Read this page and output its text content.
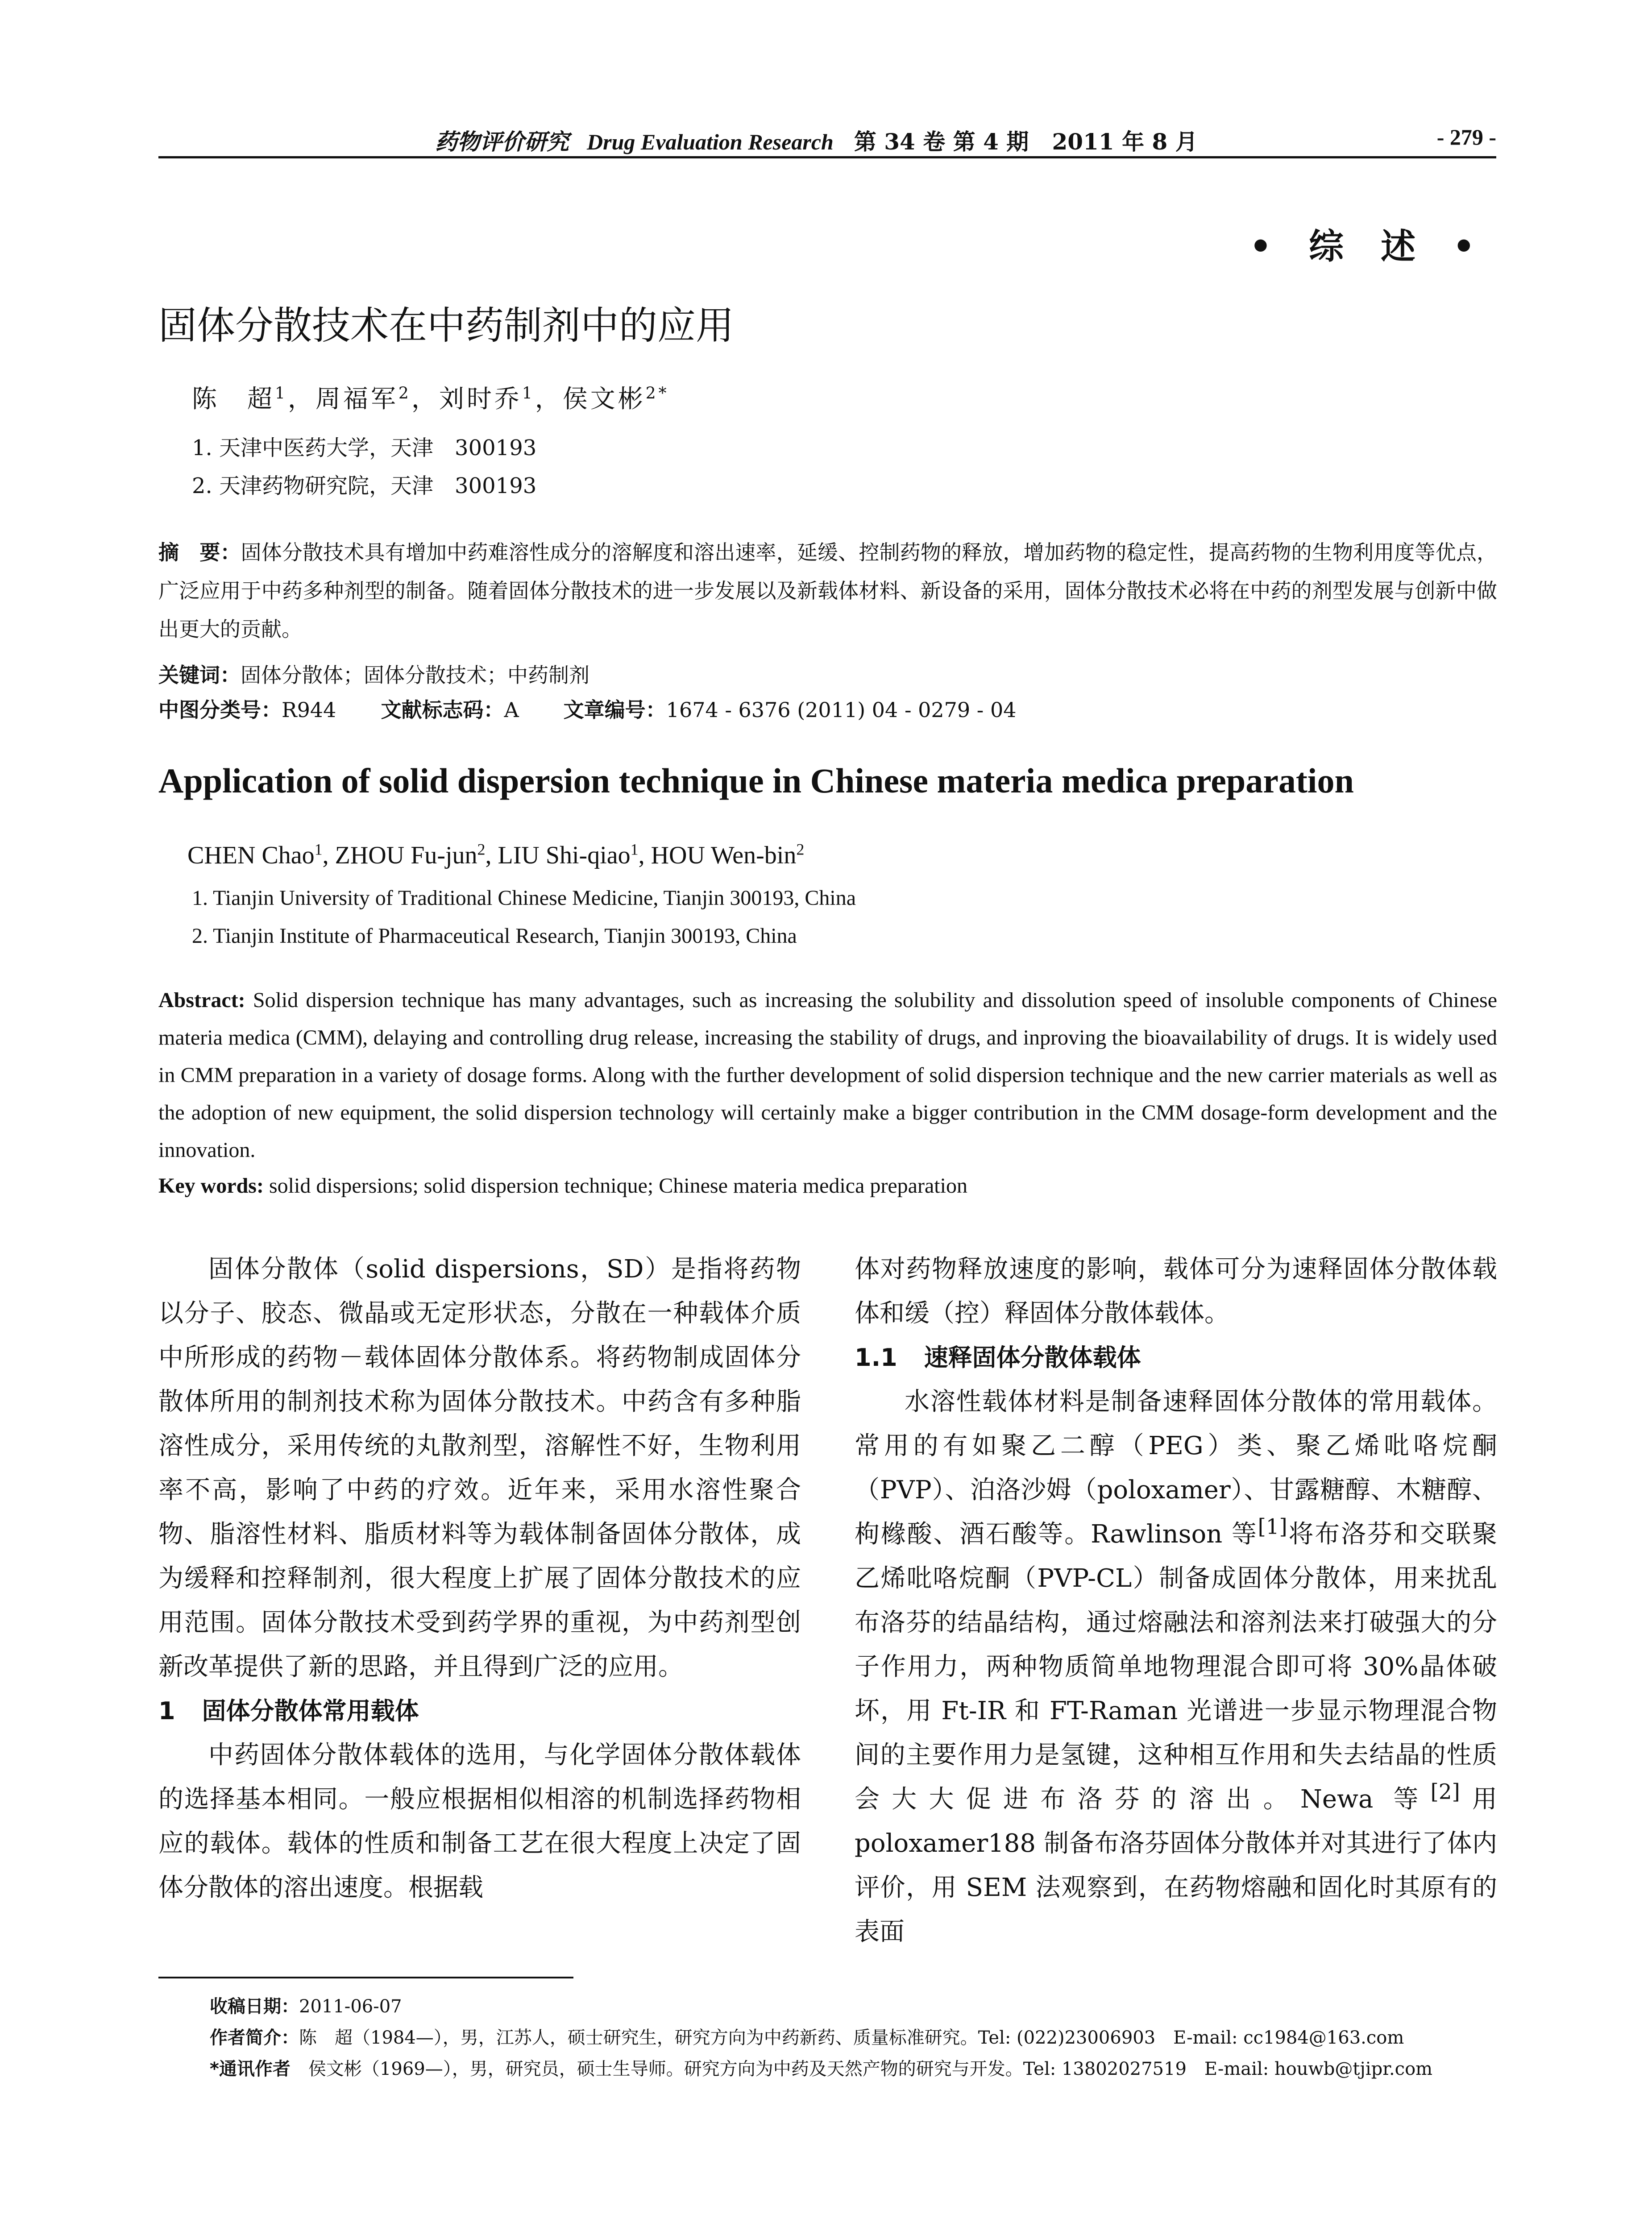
药物评价研究 Drug Evaluation Research 第 34 卷 第 4 期 2011 年 8 月	- 279 -
• 综 述 •
固体分散技术在中药制剂中的应用
陈　超$^1$，周福军$^2$，刘时乔$^1$，侯文彬$^{2*}$
1. 天津中医药大学，天津　300193
2. 天津药物研究院，天津　300193
摘　要：固体分散技术具有增加中药难溶性成分的溶解度和溶出速率，延缓、控制药物的释放，增加药物的稳定性，提高药物的生物利用度等优点，广泛应用于中药多种剂型的制备。随着固体分散技术的进一步发展以及新载体材料、新设备的采用，固体分散技术必将在中药的剂型发展与创新中做出更大的贡献。
关键词：固体分散体；固体分散技术；中药制剂
中图分类号：R944 文献标志码：A 文章编号：1674 - 6376 (2011) 04 - 0279 - 04
Application of solid dispersion technique in Chinese materia medica preparation
CHEN Chao$^1$, ZHOU Fu-jun$^2$, LIU Shi-qiao$^1$, HOU Wen-bin$^2$
1. Tianjin University of Traditional Chinese Medicine, Tianjin 300193, China
2. Tianjin Institute of Pharmaceutical Research, Tianjin 300193, China
Abstract: Solid dispersion technique has many advantages, such as increasing the solubility and dissolution speed of insoluble components of Chinese materia medica (CMM), delaying and controlling drug release, increasing the stability of drugs, and inproving the bioavailability of drugs. It is widely used in CMM preparation in a variety of dosage forms. Along with the further development of solid dispersion technique and the new carrier materials as well as the adoption of new equipment, the solid dispersion technology will certainly make a bigger contribution in the CMM dosage-form development and the innovation.
Key words: solid dispersions; solid dispersion technique; Chinese materia medica preparation

固体分散体（solid dispersions，SD）是指将药物以分子、胶态、微晶或无定形状态，分散在一种载体介质中所形成的药物－载体固体分散体系。将药物制成固体分散体所用的制剂技术称为固体分散技术。中药含有多种脂溶性成分，采用传统的丸散剂型，溶解性不好，生物利用率不高，影响了中药的疗效。近年来，采用水溶性聚合物、脂溶性材料、脂质材料等为载体制备固体分散体，成为缓释和控释制剂，很大程度上扩展了固体分散技术的应用范围。固体分散技术受到药学界的重视，为中药剂型创新改革提供了新的思路，并且得到广泛的应用。

1 固体分散体常用载体

中药固体分散体载体的选用，与化学固体分散体载体的选择基本相同。一般应根据相似相溶的机制选择药物相应的载体。载体的性质和制备工艺在很大程度上决定了固体分散体的溶出速度。根据载

体对药物释放速度的影响，载体可分为速释固体分散体载体和缓（控）释固体分散体载体。

1.1 速释固体分散体载体

水溶性载体材料是制备速释固体分散体的常用载体。常用的有如聚乙二醇（PEG）类、聚乙烯吡咯烷酮（PVP）、泊洛沙姆（poloxamer）、甘露糖醇、木糖醇、枸橼酸、酒石酸等。Rawlinson 等[1]将布洛芬和交联聚乙烯吡咯烷酮（PVP-CL）制备成固体分散体，用来扰乱布洛芬的结晶结构，通过熔融法和溶剂法来打破强大的分子作用力，两种物质简单地物理混合即可将 30%晶体破坏，用 Ft-IR 和 FT-Raman 光谱进一步显示物理混合物间的主要作用力是氢键，这种相互作用和失去结晶的性质会大大促进布洛芬的溶出。Newa 等[2]用 poloxamer188 制备布洛芬固体分散体并对其进行了体内评价，用 SEM 法观察到，在药物熔融和固化时其原有的表面

收稿日期：2011-06-07
作者简介：陈　超（1984—），男，江苏人，硕士研究生，研究方向为中药新药、质量标准研究。Tel: (022)23006903　E-mail: cc1984@163.com
*通讯作者　侯文彬（1969—），男，研究员，硕士生导师。研究方向为中药及天然产物的研究与开发。Tel: 13802027519　E-mail: houwb@tjipr.com
